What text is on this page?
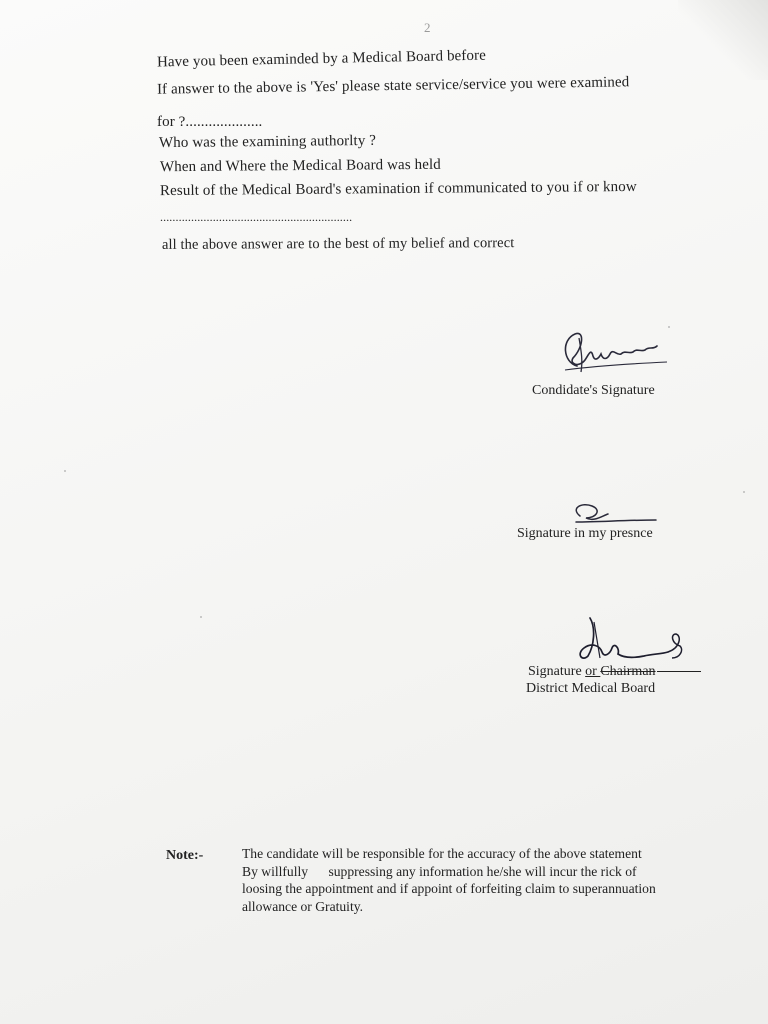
2
Have you been examinded by a Medical Board before
If answer to the above is 'Yes' please state service/service you were examined
for ?....................
Who was the examining authorlty ?
When and Where the Medical Board was held
Result of the Medical Board's examination if communicated to you if or know
..............................................................
all the above answer are to the best of my belief and correct
Condidate's Signature
Signature in my presnce
Signature or Chairman
District Medical Board
Note:-	The candidate will be responsible for the accuracy of the above statement
By willfully      suppressing any information he/she will incur the rick of
loosing the appointment and if appoint of forfeiting claim to superannuation
allowance or Gratuity.
